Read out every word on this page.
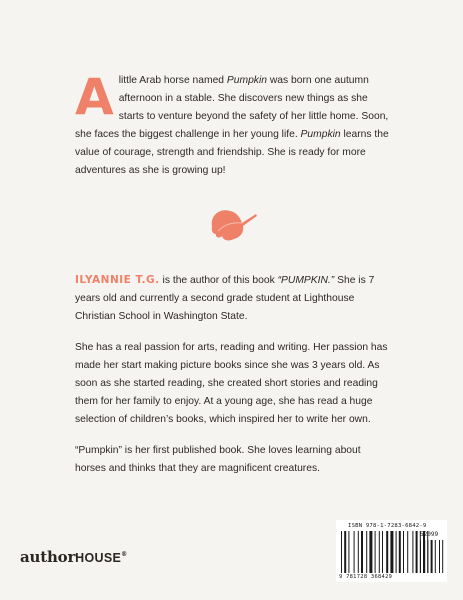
Alittle Arab horse named Pumpkin was born one autumn afternoon in a stable. She discovers new things as she starts to venture beyond the safety of her little home. Soon, she faces the biggest challenge in her young life. Pumpkin learns the value of courage, strength and friendship. She is ready for more adventures as she is growing up!

ILYANNIE T.G. is the author of this book “PUMPKIN.” She is 7 years old and currently a second grade student at Lighthouse Christian School in Washington State.

She has a real passion for arts, reading and writing. Her passion has made her start making picture books since she was 3 years old. As soon as she started reading, she created short stories and reading them for her family to enjoy. At a young age, she has read a huge selection of children’s books, which inspired her to write her own.

“Pumpkin” is her first published book. She loves learning about horses and thinks that they are magnificent creatures.

authorHOUSE®
ISBN 978-1-7283-6842-9
52099
9 781728 368429
